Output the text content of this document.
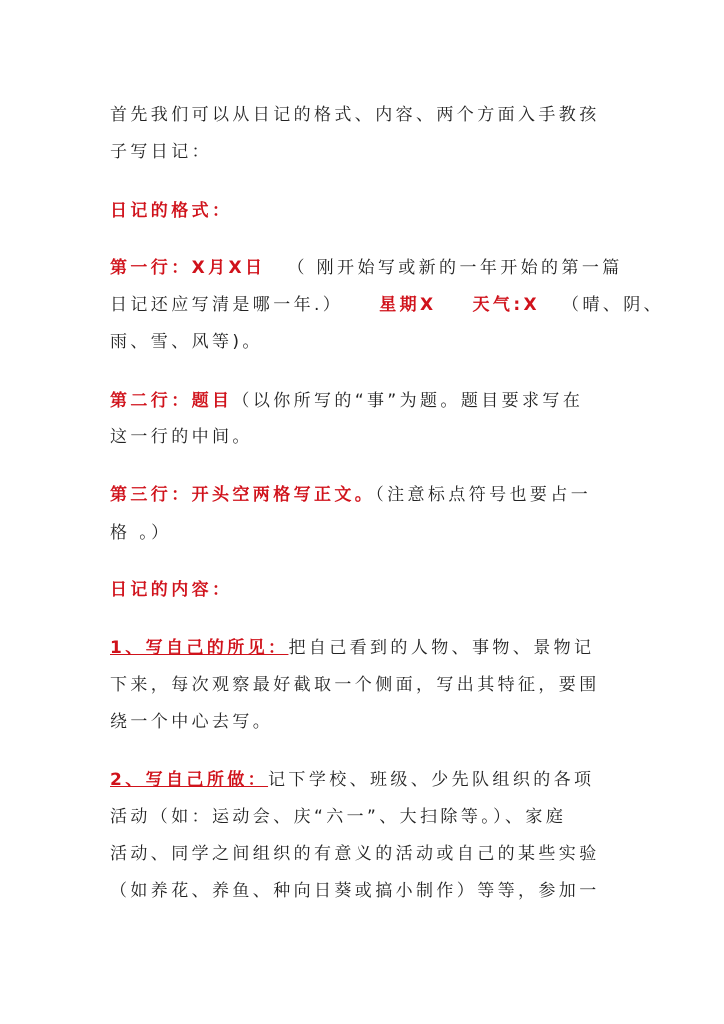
首先我们可以从日记的格式、内容、两个方面入手教孩
子写日记：
日记的格式：
第一行：X月X日 （ 刚开始写或新的一年开始的第一篇
日记还应写清是哪一年.） 星期X 天气:X （晴、阴、
雨、雪、风等)。
第二行：题目（以你所写的“事”为题。题目要求写在
这一行的中间。
第三行：开头空两格写正文。（注意标点符号也要占一
格 。）
日记的内容：
1、写自己的所见：把自己看到的人物、事物、景物记
下来，每次观察最好截取一个侧面，写出其特征，要围
绕一个中心去写。
2、写自己所做：记下学校、班级、少先队组织的各项
活动（如：运动会、庆“六一”、大扫除等。）、家庭
活动、同学之间组织的有意义的活动或自己的某些实验
（如养花、养鱼、种向日葵或搞小制作）等等，参加一
